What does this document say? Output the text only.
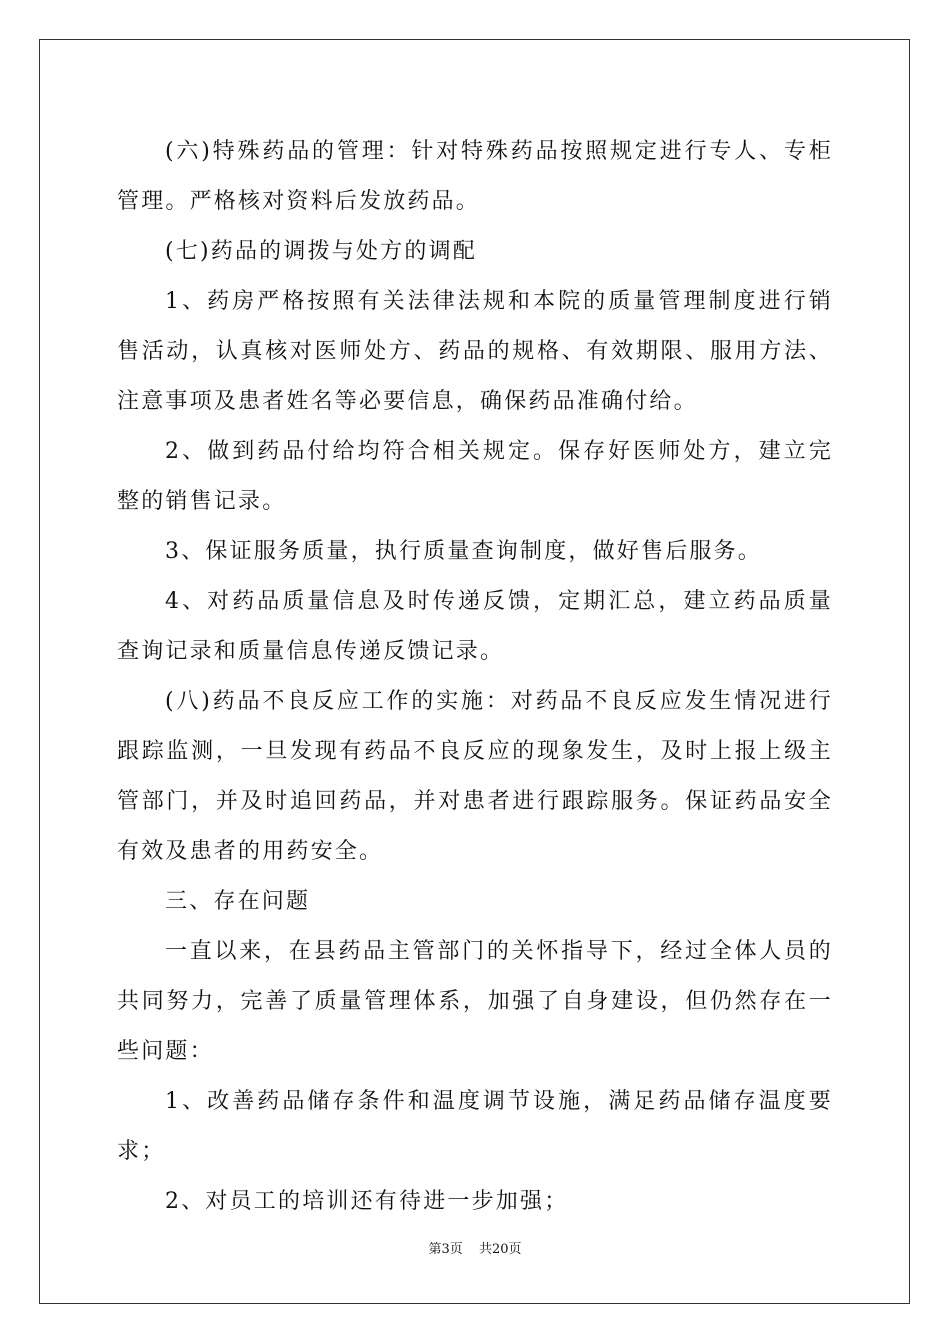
(六)特殊药品的管理：针对特殊药品按照规定进行专人、专柜管理。严格核对资料后发放药品。

(七)药品的调拨与处方的调配

1、药房严格按照有关法律法规和本院的质量管理制度进行销售活动，认真核对医师处方、药品的规格、有效期限、服用方法、注意事项及患者姓名等必要信息，确保药品准确付给。

2、做到药品付给均符合相关规定。保存好医师处方，建立完整的销售记录。

3、保证服务质量，执行质量查询制度，做好售后服务。

4、对药品质量信息及时传递反馈，定期汇总，建立药品质量查询记录和质量信息传递反馈记录。

(八)药品不良反应工作的实施：对药品不良反应发生情况进行跟踪监测，一旦发现有药品不良反应的现象发生，及时上报上级主管部门，并及时追回药品，并对患者进行跟踪服务。保证药品安全有效及患者的用药安全。

三、存在问题

一直以来，在县药品主管部门的关怀指导下，经过全体人员的共同努力，完善了质量管理体系，加强了自身建设，但仍然存在一些问题：

1、改善药品储存条件和温度调节设施，满足药品储存温度要求；

2、对员工的培训还有待进一步加强；

第3页 共20页
